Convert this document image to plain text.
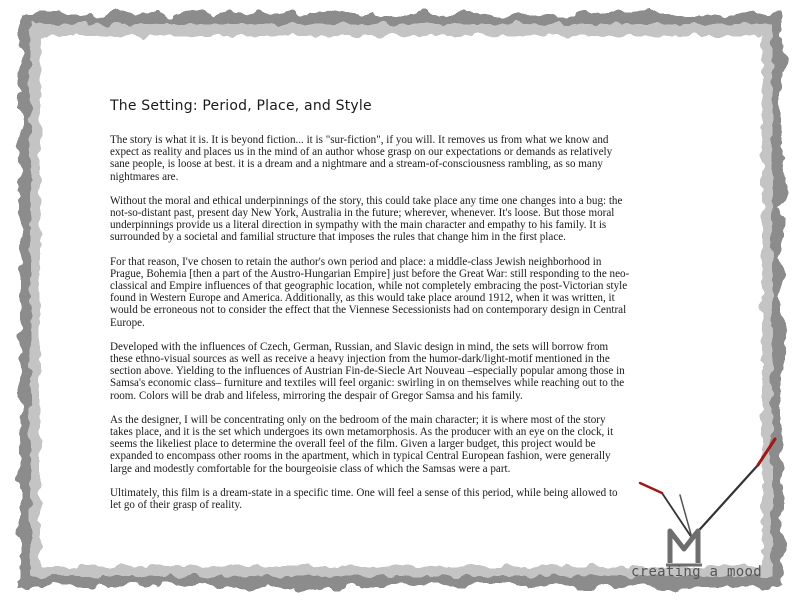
The Setting: Period, Place, and Style

The story is what it is. It is beyond fiction... it is "sur-fiction", if you will. It removes us from what we know and expect as reality and places us in the mind of an author whose grasp on our expectations or demands as relatively sane people, is loose at best. it is a dream and a nightmare and a stream-of-consciousness rambling, as so many nightmares are.

Without the moral and ethical underpinnings of the story, this could take place any time one changes into a bug: the not-so-distant past, present day New York, Australia in the future; wherever, whenever. It's loose. But those moral underpinnings provide us a literal direction in sympathy with the main character and empathy to his family. It is surrounded by a societal and familial structure that imposes the rules that change him in the first place.

For that reason, I've chosen to retain the author's own period and place: a middle-class Jewish neighborhood in Prague, Bohemia [then a part of the Austro-Hungarian Empire] just before the Great War: still responding to the neo-classical and Empire influences of that geographic location, while not completely embracing the post-Victorian style found in Western Europe and America. Additionally, as this would take place around 1912, when it was written, it would be erroneous not to consider the effect that the Viennese Secessionists had on contemporary design in Central Europe.

Developed with the influences of Czech, German, Russian, and Slavic design in mind, the sets will borrow from these ethno-visual sources as well as receive a heavy injection from the humor-dark/light-motif mentioned in the section above. Yielding to the influences of Austrian Fin-de-Siecle Art Nouveau –especially popular among those in Samsa's economic class– furniture and textiles will feel organic: swirling in on themselves while reaching out to the room. Colors will be drab and lifeless, mirroring the despair of Gregor Samsa and his family.

As the designer, I will be concentrating only on the bedroom of the main character; it is where most of the story takes place, and it is the set which undergoes its own metamorphosis. As the producer with an eye on the clock, it seems the likeliest place to determine the overall feel of the film. Given a larger budget, this project would be expanded to encompass other rooms in the apartment, which in typical Central European fashion, were generally large and modestly comfortable for the bourgeoisie class of which the Samsas were a part.

Ultimately, this film is a dream-state in a specific time. One will feel a sense of this period, while being allowed to let go of their grasp of reality.

creating a mood
